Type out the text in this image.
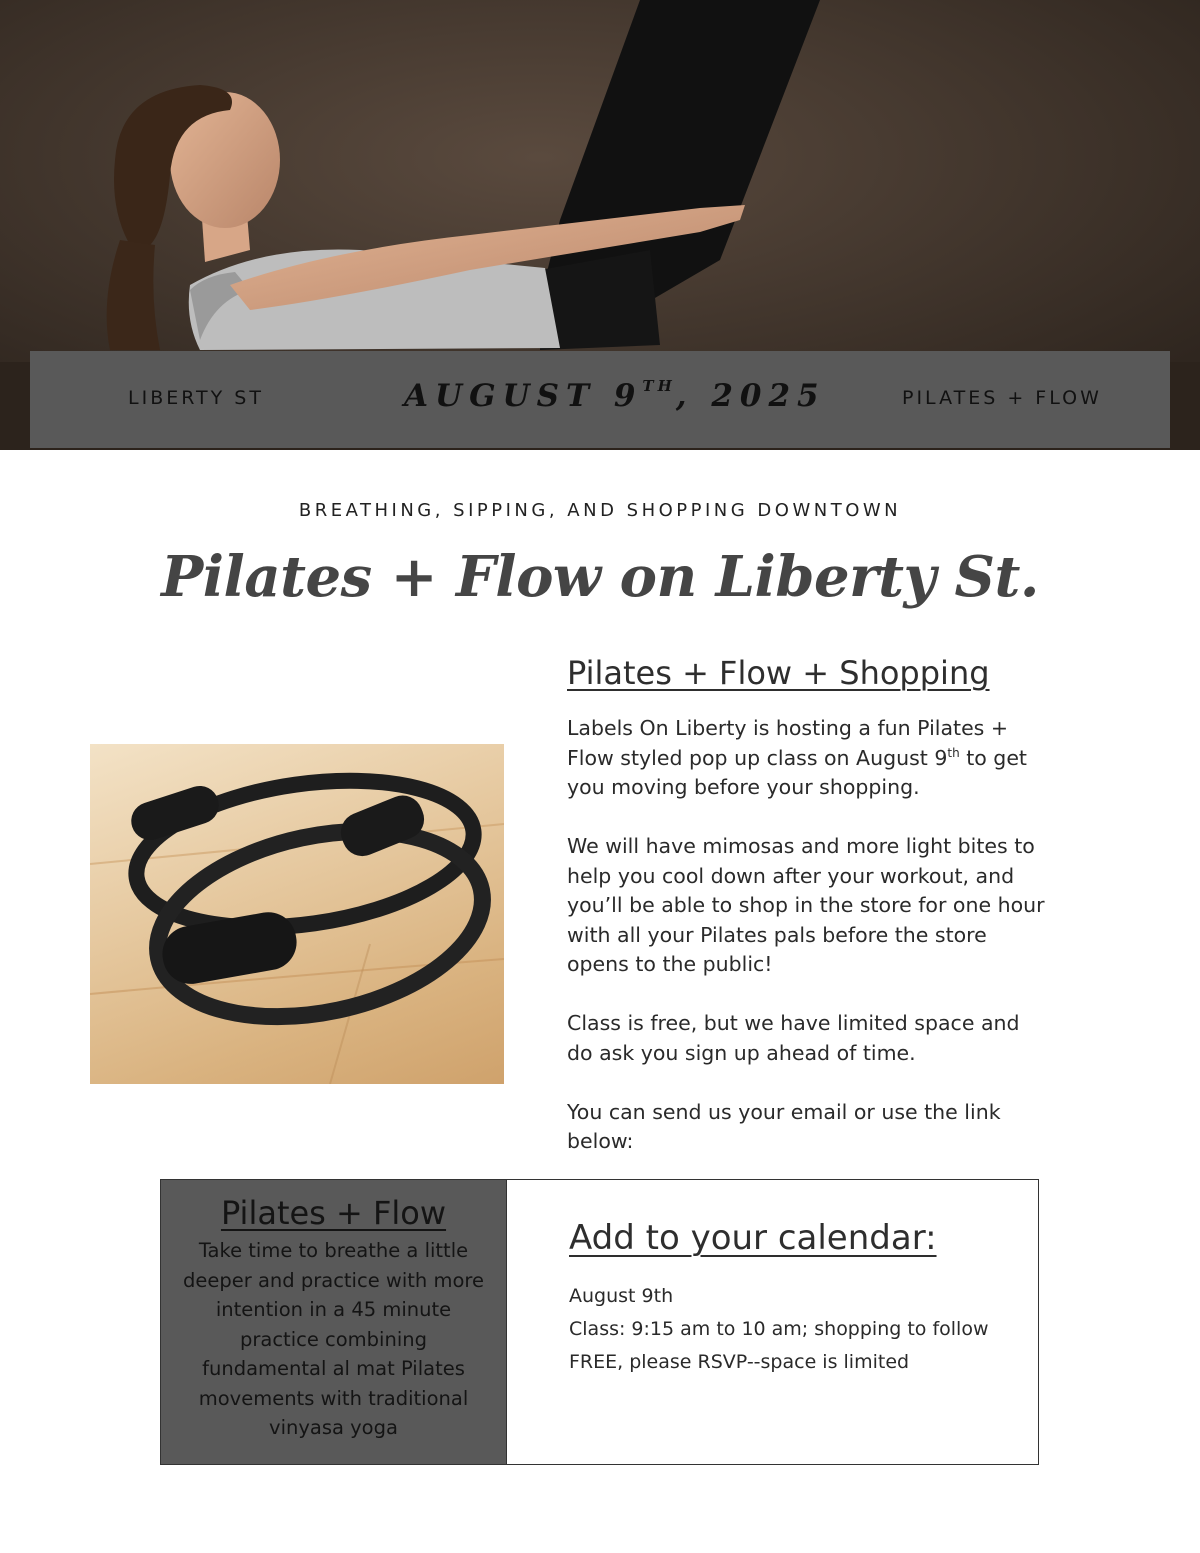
LIBERTY ST	AUGUST 9TH, 2025	PILATES + FLOW
BREATHING, SIPPING, AND SHOPPING DOWNTOWN
Pilates + Flow on Liberty St.
Pilates + Flow + Shopping

Labels On Liberty is hosting a fun Pilates + Flow styled pop up class on August 9th to get you moving before your shopping.

We will have mimosas and more light bites to help you cool down after your workout, and you’ll be able to shop in the store for one hour with all your Pilates pals before the store opens to the public!

Class is free, but we have limited space and do ask you sign up ahead of time.

You can send us your email or use the link below:

Pilates + Flow
Take time to breathe a little deeper and practice with more intention in a 45 minute practice combining fundamental al mat Pilates movements with traditional vinyasa yoga
Add to your calendar:
August 9th
Class: 9:15 am to 10 am; shopping to follow
FREE, please RSVP--space is limited
